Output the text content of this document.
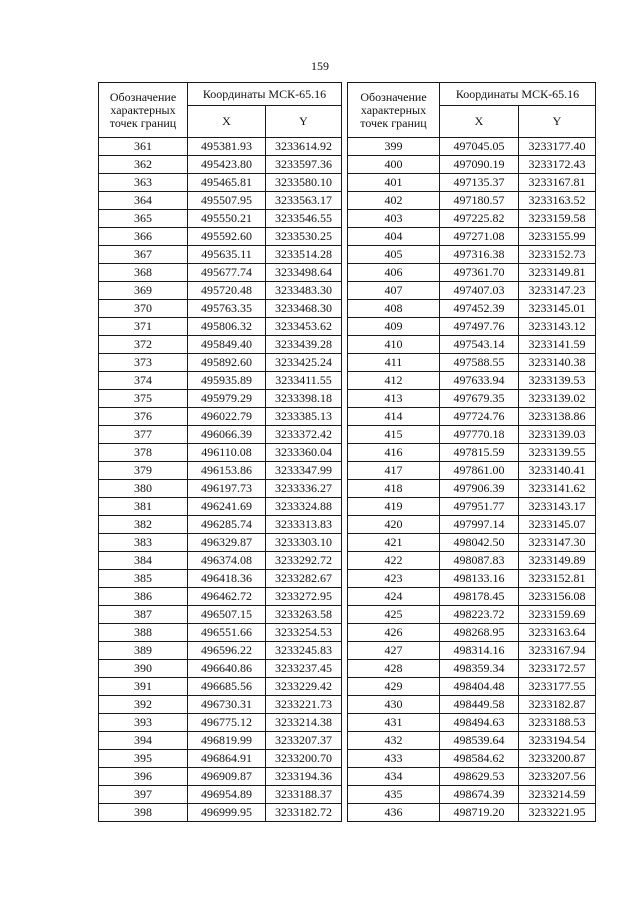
159
Обозначение характерных точек границ	Координаты МСК-65.16	
	X	Y
361	495381.93	3233614.92
362	495423.80	3233597.36
363	495465.81	3233580.10
364	495507.95	3233563.17
365	495550.21	3233546.55
366	495592.60	3233530.25
367	495635.11	3233514.28
368	495677.74	3233498.64
369	495720.48	3233483.30
370	495763.35	3233468.30
371	495806.32	3233453.62
372	495849.40	3233439.28
373	495892.60	3233425.24
374	495935.89	3233411.55
375	495979.29	3233398.18
376	496022.79	3233385.13
377	496066.39	3233372.42
378	496110.08	3233360.04
379	496153.86	3233347.99
380	496197.73	3233336.27
381	496241.69	3233324.88
382	496285.74	3233313.83
383	496329.87	3233303.10
384	496374.08	3233292.72
385	496418.36	3233282.67
386	496462.72	3233272.95
387	496507.15	3233263.58
388	496551.66	3233254.53
389	496596.22	3233245.83
390	496640.86	3233237.45
391	496685.56	3233229.42
392	496730.31	3233221.73
393	496775.12	3233214.38
394	496819.99	3233207.37
395	496864.91	3233200.70
396	496909.87	3233194.36
397	496954.89	3233188.37
398	496999.95	3233182.72
Обозначение характерных точек границ	Координаты МСК-65.16	
	X	Y
399	497045.05	3233177.40
400	497090.19	3233172.43
401	497135.37	3233167.81
402	497180.57	3233163.52
403	497225.82	3233159.58
404	497271.08	3233155.99
405	497316.38	3233152.73
406	497361.70	3233149.81
407	497407.03	3233147.23
408	497452.39	3233145.01
409	497497.76	3233143.12
410	497543.14	3233141.59
411	497588.55	3233140.38
412	497633.94	3233139.53
413	497679.35	3233139.02
414	497724.76	3233138.86
415	497770.18	3233139.03
416	497815.59	3233139.55
417	497861.00	3233140.41
418	497906.39	3233141.62
419	497951.77	3233143.17
420	497997.14	3233145.07
421	498042.50	3233147.30
422	498087.83	3233149.89
423	498133.16	3233152.81
424	498178.45	3233156.08
425	498223.72	3233159.69
426	498268.95	3233163.64
427	498314.16	3233167.94
428	498359.34	3233172.57
429	498404.48	3233177.55
430	498449.58	3233182.87
431	498494.63	3233188.53
432	498539.64	3233194.54
433	498584.62	3233200.87
434	498629.53	3233207.56
435	498674.39	3233214.59
436	498719.20	3233221.95
